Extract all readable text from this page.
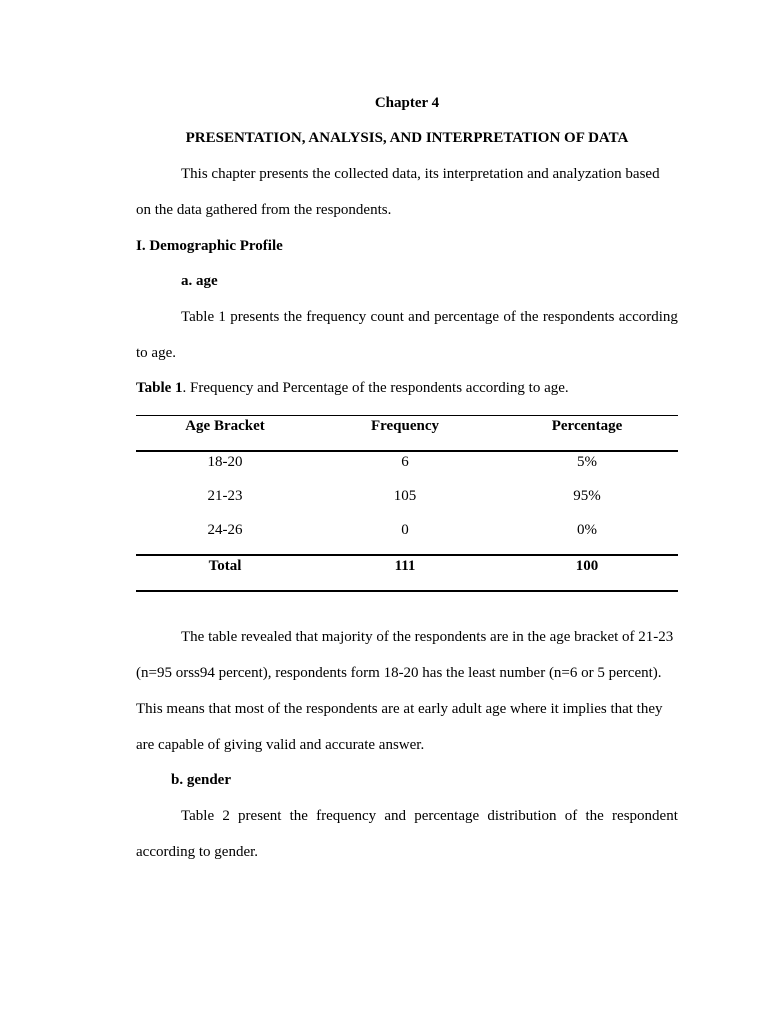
Chapter 4
PRESENTATION, ANALYSIS, AND INTERPRETATION OF DATA
This chapter presents the collected data, its interpretation and analyzation based
on the data gathered from the respondents.
I. Demographic Profile
a. age
Table 1 presents the frequency count and percentage of the respondents according
to age.
Table 1. Frequency and Percentage of the respondents according to age.
Age Bracket	Frequency	Percentage
18-20	6	5%
21-23	105	95%
24-26	0	0%
Total	111	100
The table revealed that majority of the respondents are in the age bracket of 21-23
(n=95 orss94 percent), respondents form 18-20 has the least number (n=6 or 5 percent).
This means that most of the respondents are at early adult age where it implies that they
are capable of giving valid and accurate answer.
b. gender
Table 2 present the frequency and percentage distribution of the respondent
according to gender.
